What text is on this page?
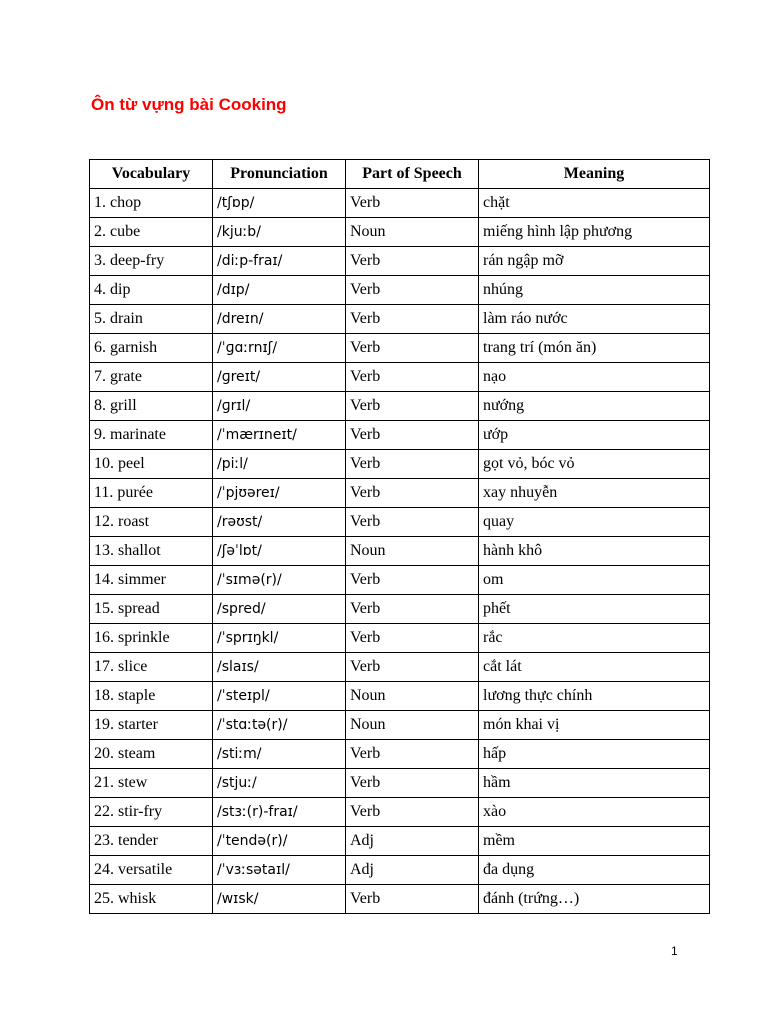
Ôn từ vựng bài Cooking
Vocabulary	Pronunciation	Part of Speech	Meaning
1. chop	/tʃɒp/	Verb	chặt
2. cube	/kjuːb/	Noun	miếng hình lập phương
3. deep-fry	/diːp-fraɪ/	Verb	rán ngập mỡ
4. dip	/dɪp/	Verb	nhúng
5. drain	/dreɪn/	Verb	làm ráo nước
6. garnish	/ˈɡɑːrnɪʃ/	Verb	trang trí (món ăn)
7. grate	/ɡreɪt/	Verb	nạo
8. grill	/ɡrɪl/	Verb	nướng
9. marinate	/ˈmærɪneɪt/	Verb	ướp
10. peel	/piːl/	Verb	gọt vỏ, bóc vỏ
11. purée	/ˈpjʊəreɪ/	Verb	xay nhuyễn
12. roast	/rəʊst/	Verb	quay
13. shallot	/ʃəˈlɒt/	Noun	hành khô
14. simmer	/ˈsɪmə(r)/	Verb	om
15. spread	/spred/	Verb	phết
16. sprinkle	/ˈsprɪŋkl/	Verb	rắc
17. slice	/slaɪs/	Verb	cắt lát
18. staple	/ˈsteɪpl/	Noun	lương thực chính
19. starter	/ˈstɑːtə(r)/	Noun	món khai vị
20. steam	/stiːm/	Verb	hấp
21. stew	/stjuː/	Verb	hầm
22. stir-fry	/stɜː(r)-fraɪ/	Verb	xào
23. tender	/ˈtendə(r)/	Adj	mềm
24. versatile	/ˈvɜːsətaɪl/	Adj	đa dụng
25. whisk	/wɪsk/	Verb	đánh (trứng…)
1
